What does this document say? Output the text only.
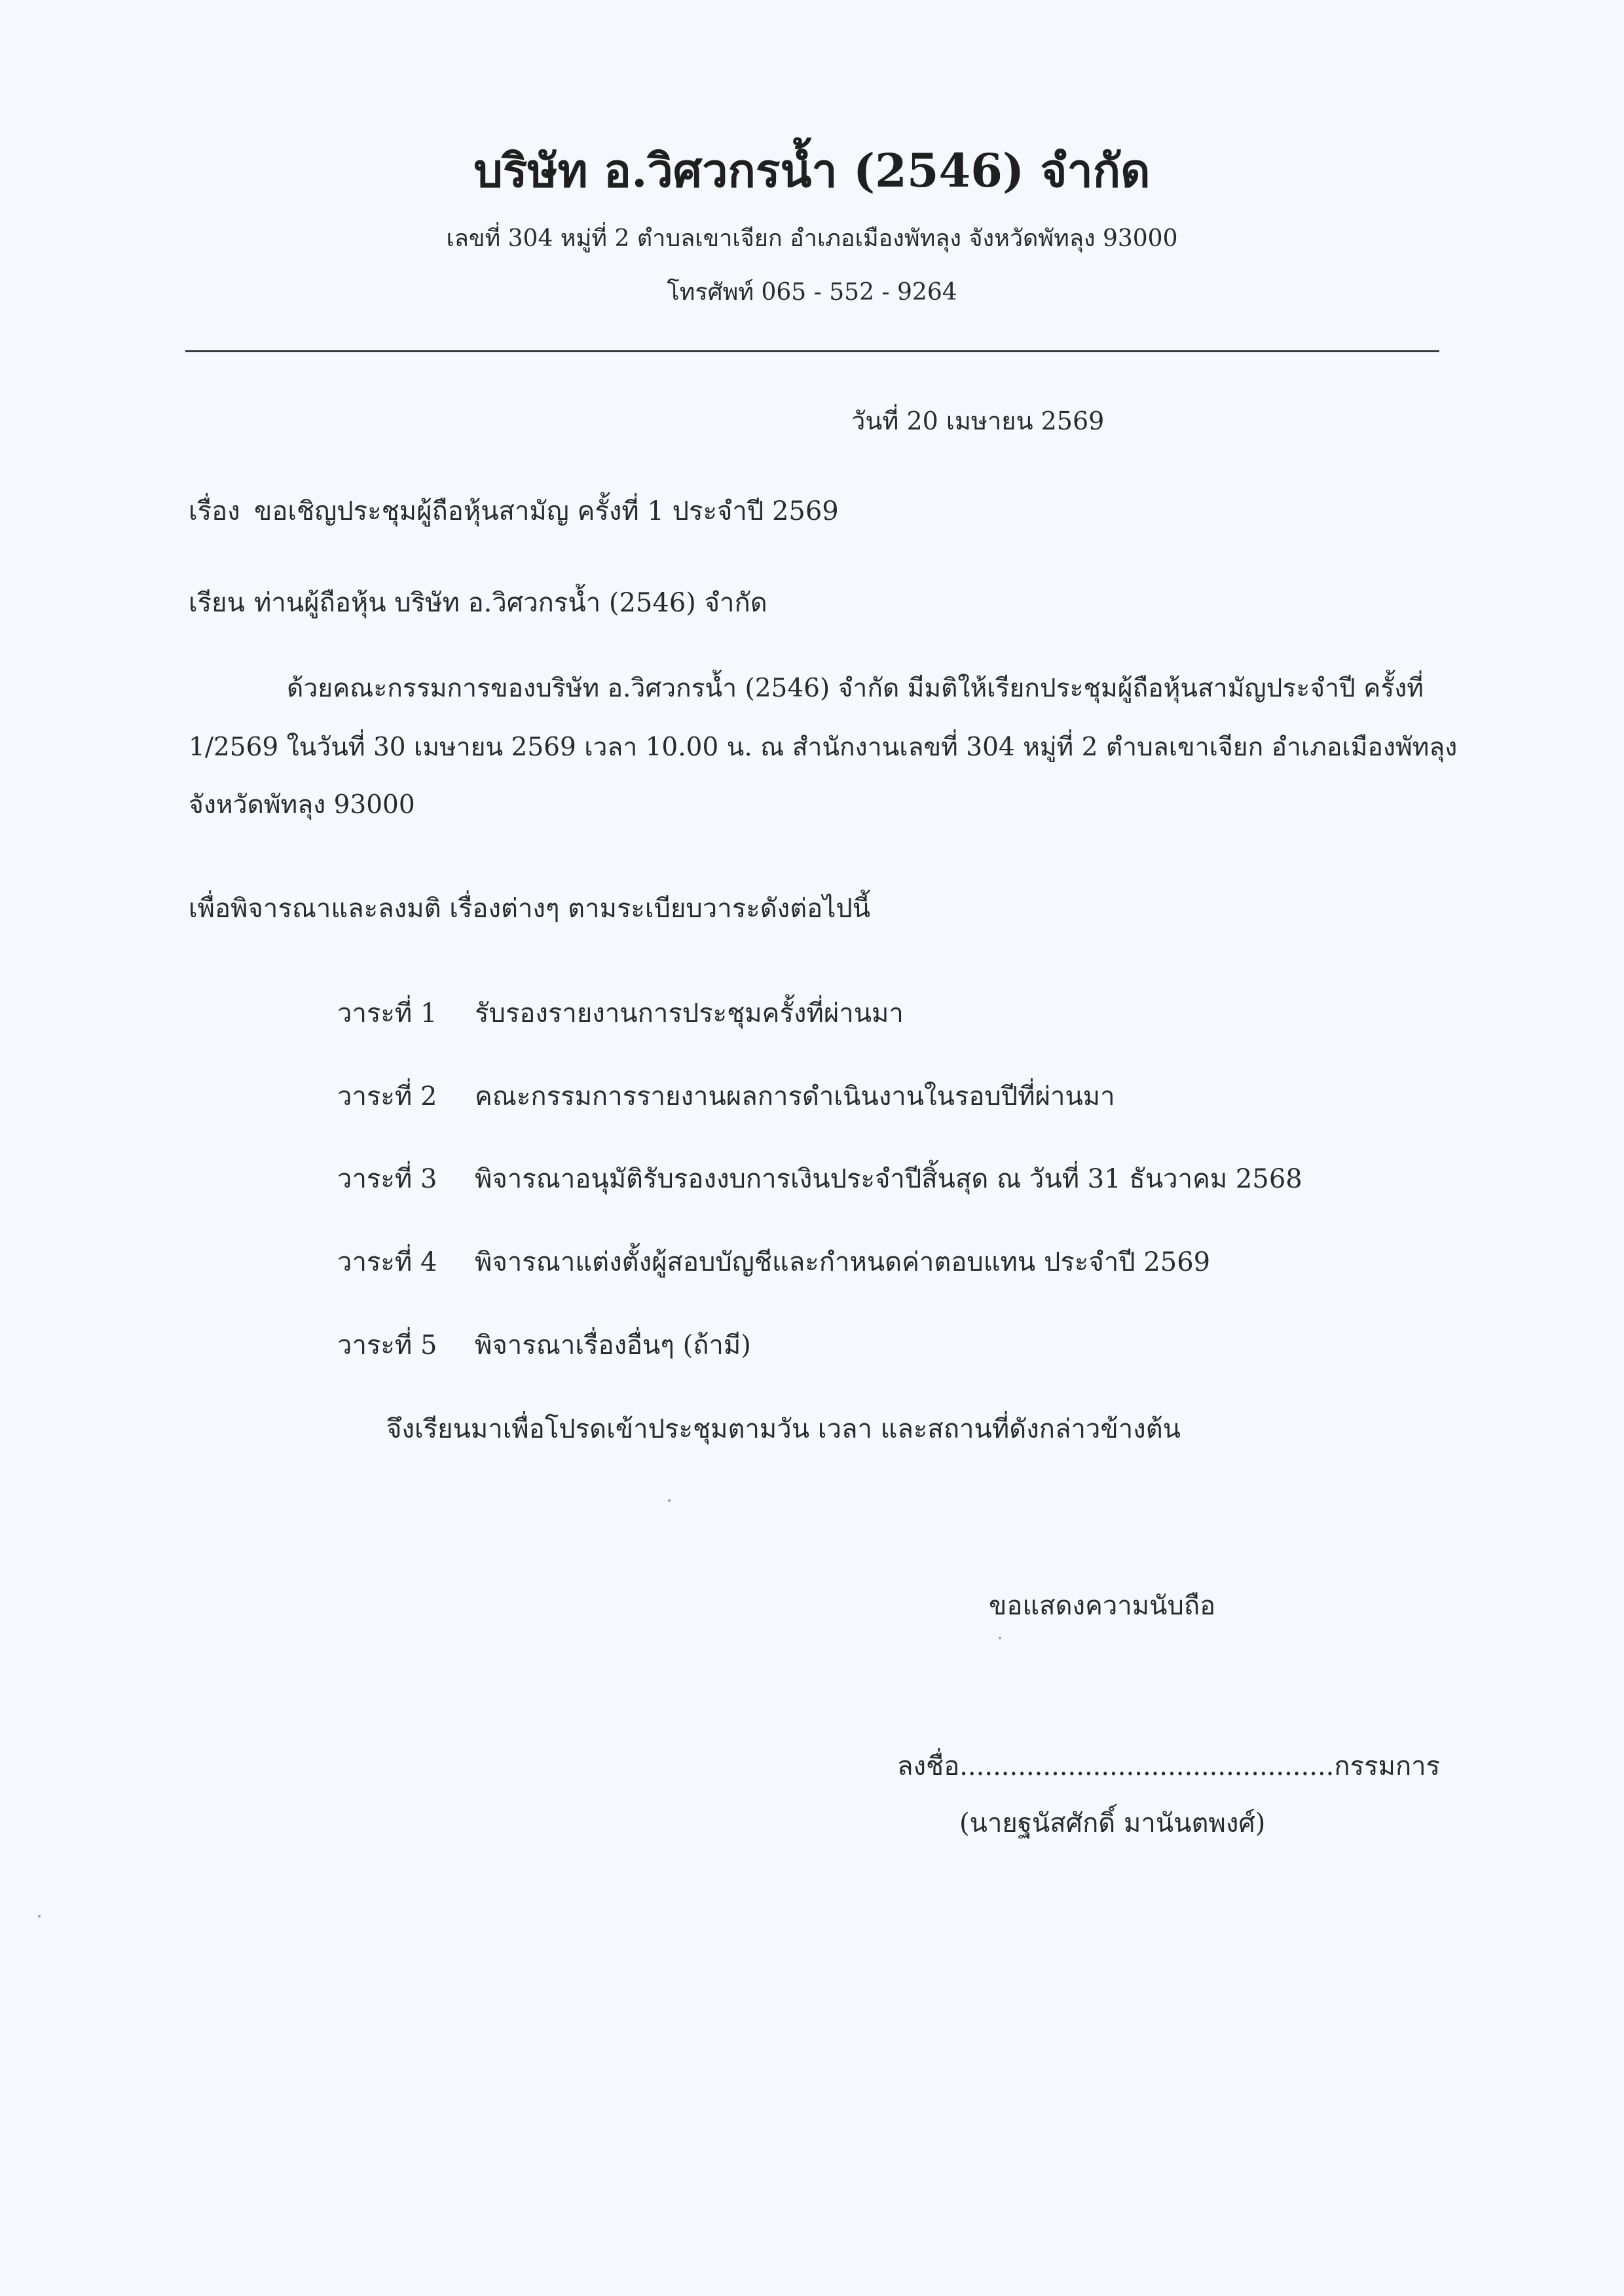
บริษัท อ.วิศวกรน้ำ (2546) จำกัด
เลขที่ 304 หมู่ที่ 2 ตำบลเขาเจียก อำเภอเมืองพัทลุง จังหวัดพัทลุง 93000
โทรศัพท์ 065 - 552 - 9264
วันที่ 20 เมษายน 2569
เรื่อง ขอเชิญประชุมผู้ถือหุ้นสามัญ ครั้งที่ 1 ประจำปี 2569
เรียน ท่านผู้ถือหุ้น บริษัท อ.วิศวกรน้ำ (2546) จำกัด
ด้วยคณะกรรมการของบริษัท อ.วิศวกรน้ำ (2546) จำกัด มีมติให้เรียกประชุมผู้ถือหุ้นสามัญประจำปี ครั้งที่
1/2569 ในวันที่ 30 เมษายน 2569 เวลา 10.00 น. ณ สำนักงานเลขที่ 304 หมู่ที่ 2 ตำบลเขาเจียก อำเภอเมืองพัทลุง
จังหวัดพัทลุง 93000
เพื่อพิจารณาและลงมติ เรื่องต่างๆ ตามระเบียบวาระดังต่อไปนี้
วาระที่ 1 รับรองรายงานการประชุมครั้งที่ผ่านมา
วาระที่ 2 คณะกรรมการรายงานผลการดำเนินงานในรอบปีที่ผ่านมา
วาระที่ 3 พิจารณาอนุมัติรับรองงบการเงินประจำปีสิ้นสุด ณ วันที่ 31 ธันวาคม 2568
วาระที่ 4 พิจารณาแต่งตั้งผู้สอบบัญชีและกำหนดค่าตอบแทน ประจำปี 2569
วาระที่ 5 พิจารณาเรื่องอื่นๆ (ถ้ามี)
จึงเรียนมาเพื่อโปรดเข้าประชุมตามวัน เวลา และสถานที่ดังกล่าวข้างต้น
ขอแสดงความนับถือ
ลงชื่อ.............................................กรรมการ
(นายฐนัสศักดิ์ มานันตพงศ์)
